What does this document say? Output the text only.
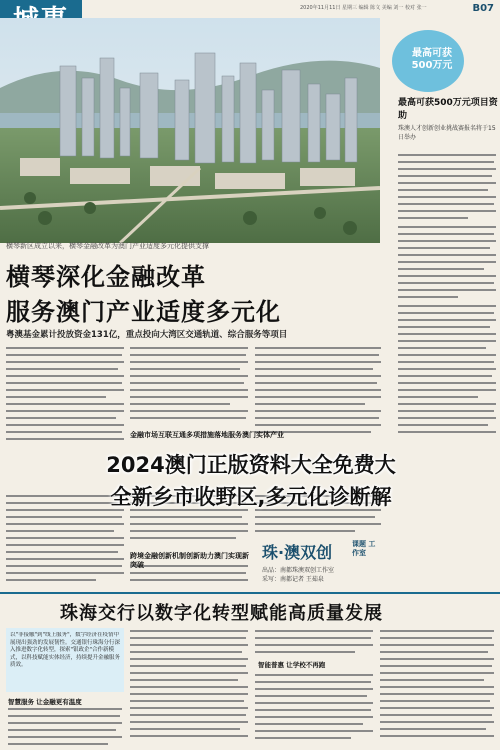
2020年11月11日 星期三 编辑 陈文 美编 刘一 校对 张一	B07
横琴新区成立以来，横琴金融改革为澳门产业适度多元化提供支撑
最高可获500万元
最高可获500万元项目资助
珠澳人才创新创业挑战赛报名将于15日举办
横琴深化金融改革
服务澳门产业适度多元化
粤澳基金累计投放资金131亿，重点投向大湾区交通轨道、综合服务等项目
金融市场互联互通多项措施落地服务澳门实体产业
跨境金融创新机制创新助力澳门实现新突破
2024澳门正版资料大全免费大
全新乡市收野区,多元化诊断解
珠·澳双创	课题 工作室
出品：南都珠澳双创工作室
采写：南都记者 王茹泉
珠海交行以数字化转型赋能高质量发展
以"非接触"到"线上服务"，数字经济在疫情中展现出强劲的发展韧性。交通银行珠海分行深入推进数字化转型，探索"银政企"合作新模式，以科技赋能实体经济，持续提升金融服务质效。
智慧服务 让金融更有温度
智能普惠 让学校不再跑
